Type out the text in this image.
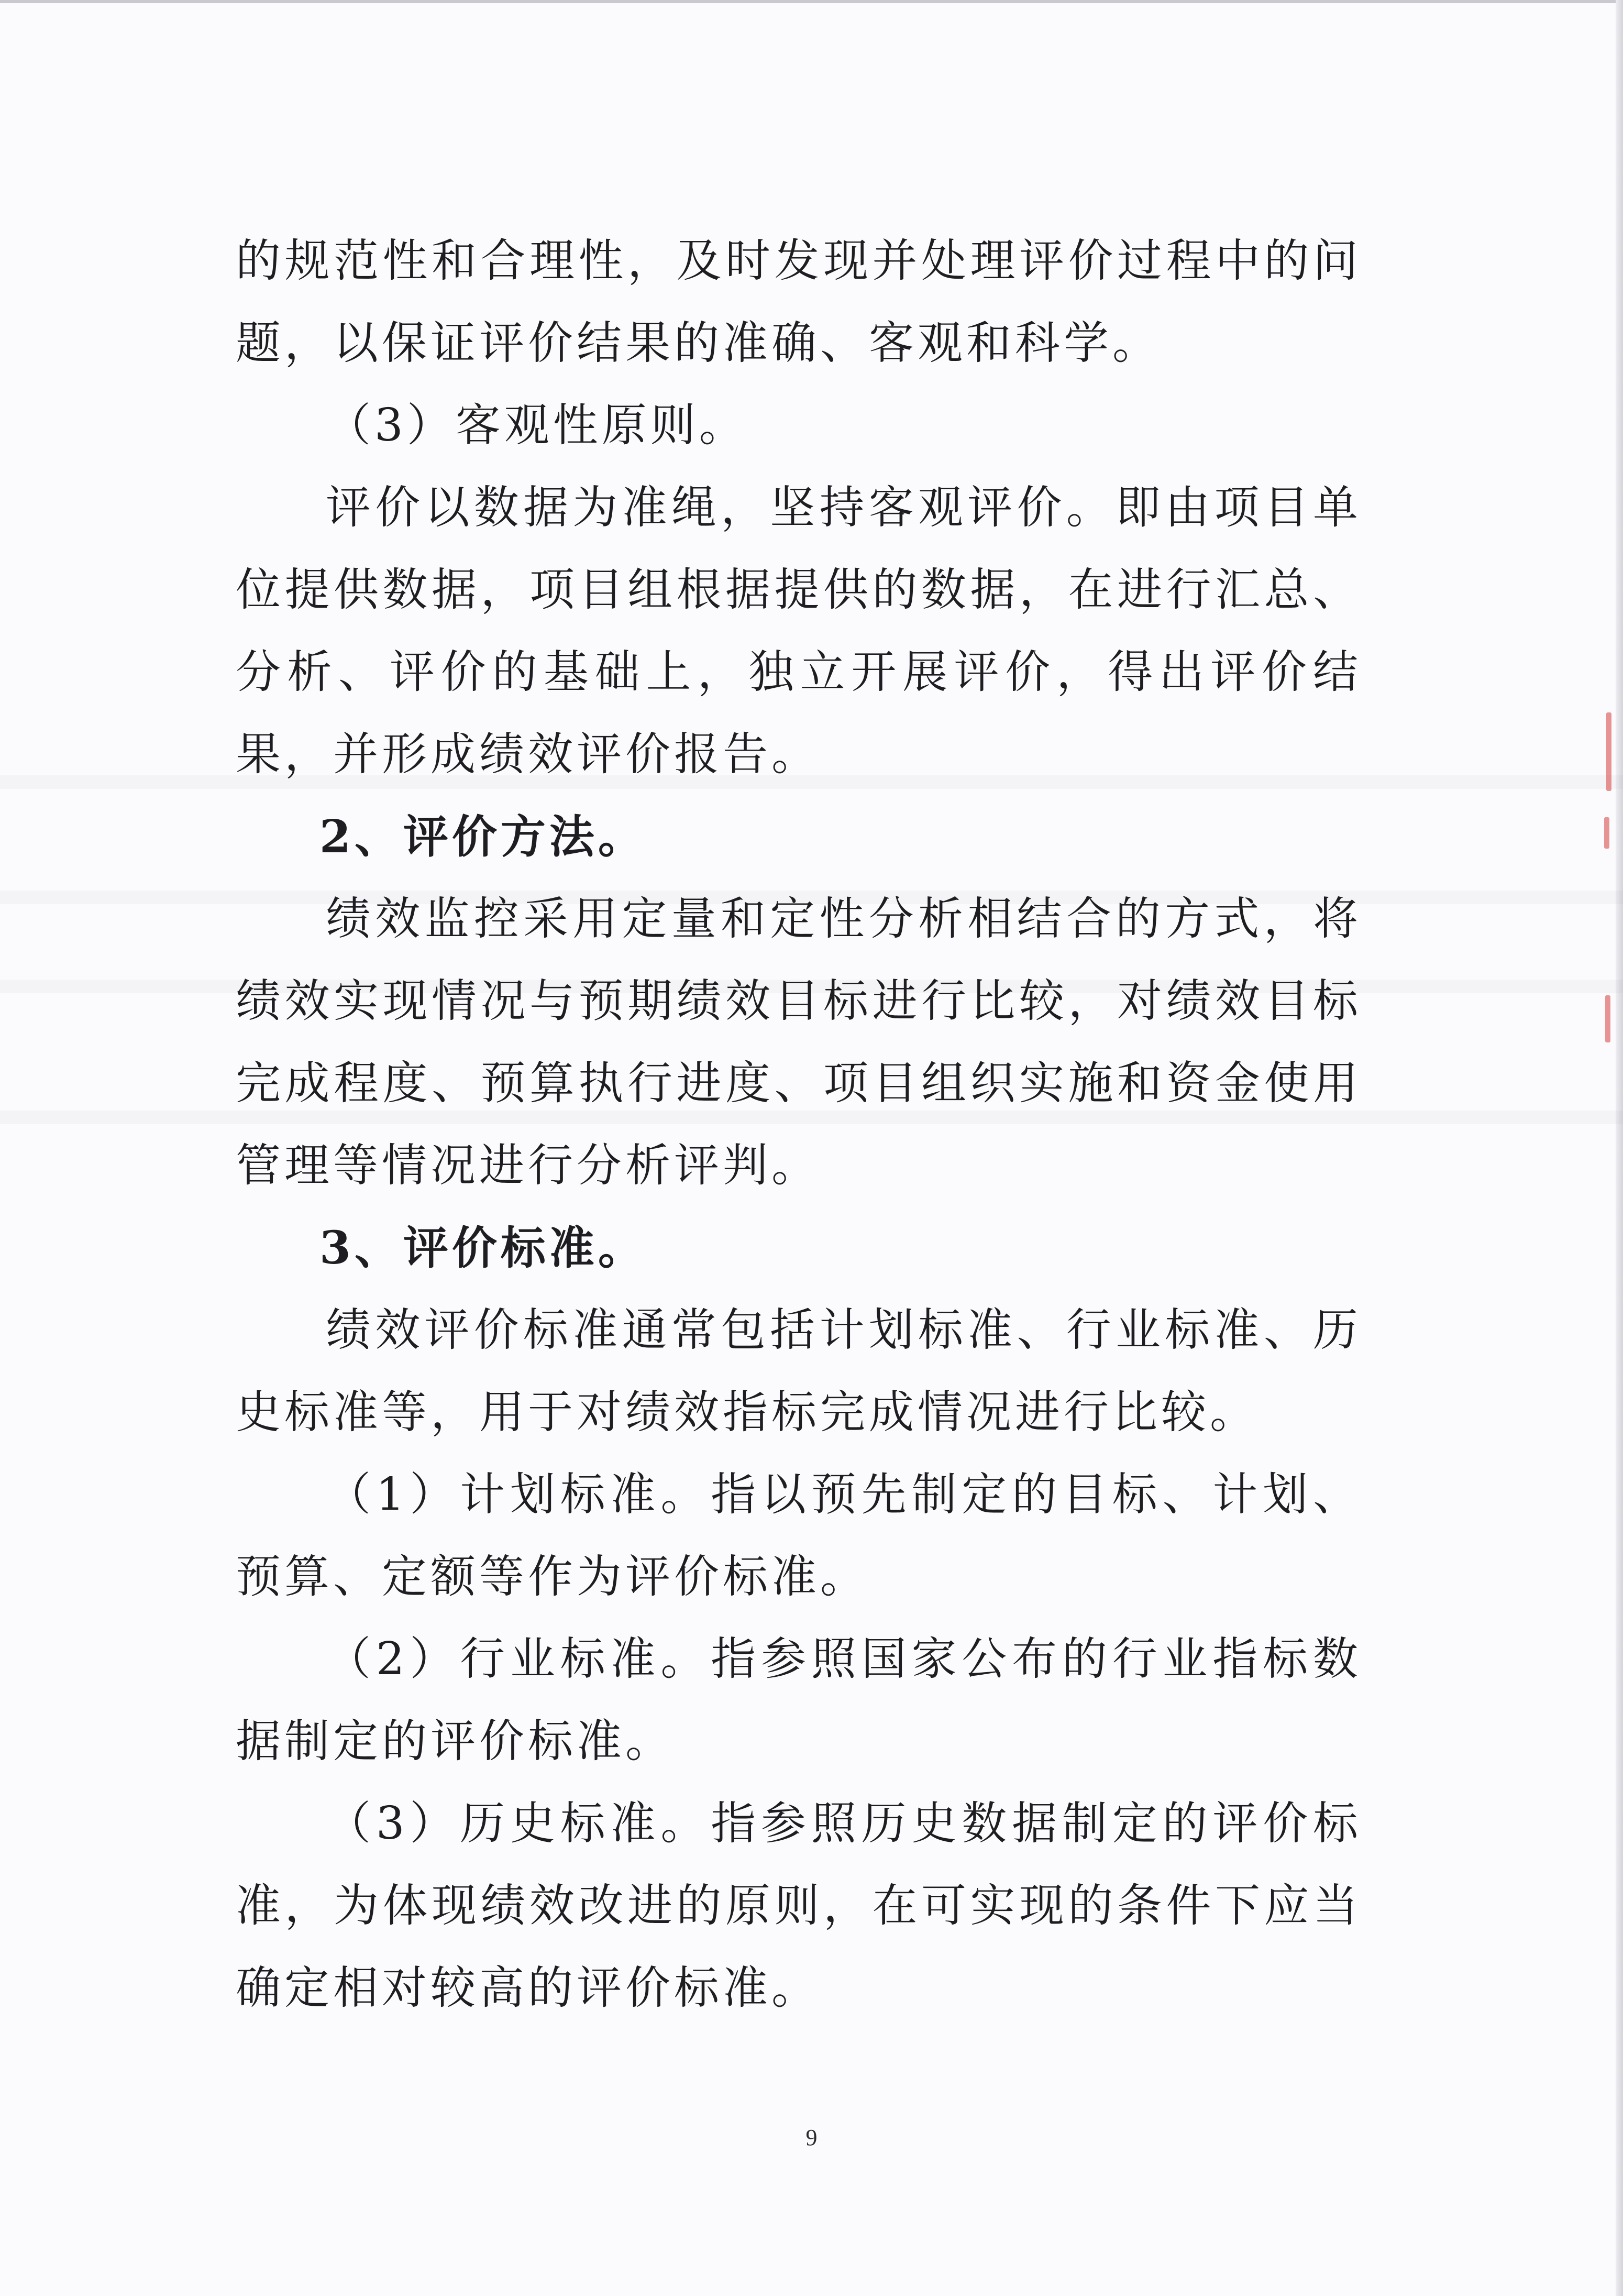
的规范性和合理性，及时发现并处理评价过程中的问题，以保证评价结果的准确、客观和科学。

（3）客观性原则。

评价以数据为准绳，坚持客观评价。即由项目单位提供数据，项目组根据提供的数据，在进行汇总、分析、评价的基础上，独立开展评价，得出评价结果，并形成绩效评价报告。

2、评价方法。

绩效监控采用定量和定性分析相结合的方式，将绩效实现情况与预期绩效目标进行比较，对绩效目标完成程度、预算执行进度、项目组织实施和资金使用管理等情况进行分析评判。

3、评价标准。

绩效评价标准通常包括计划标准、行业标准、历史标准等，用于对绩效指标完成情况进行比较。

（1）计划标准。指以预先制定的目标、计划、预算、定额等作为评价标准。

（2）行业标准。指参照国家公布的行业指标数据制定的评价标准。

（3）历史标准。指参照历史数据制定的评价标准，为体现绩效改进的原则，在可实现的条件下应当确定相对较高的评价标准。

9
